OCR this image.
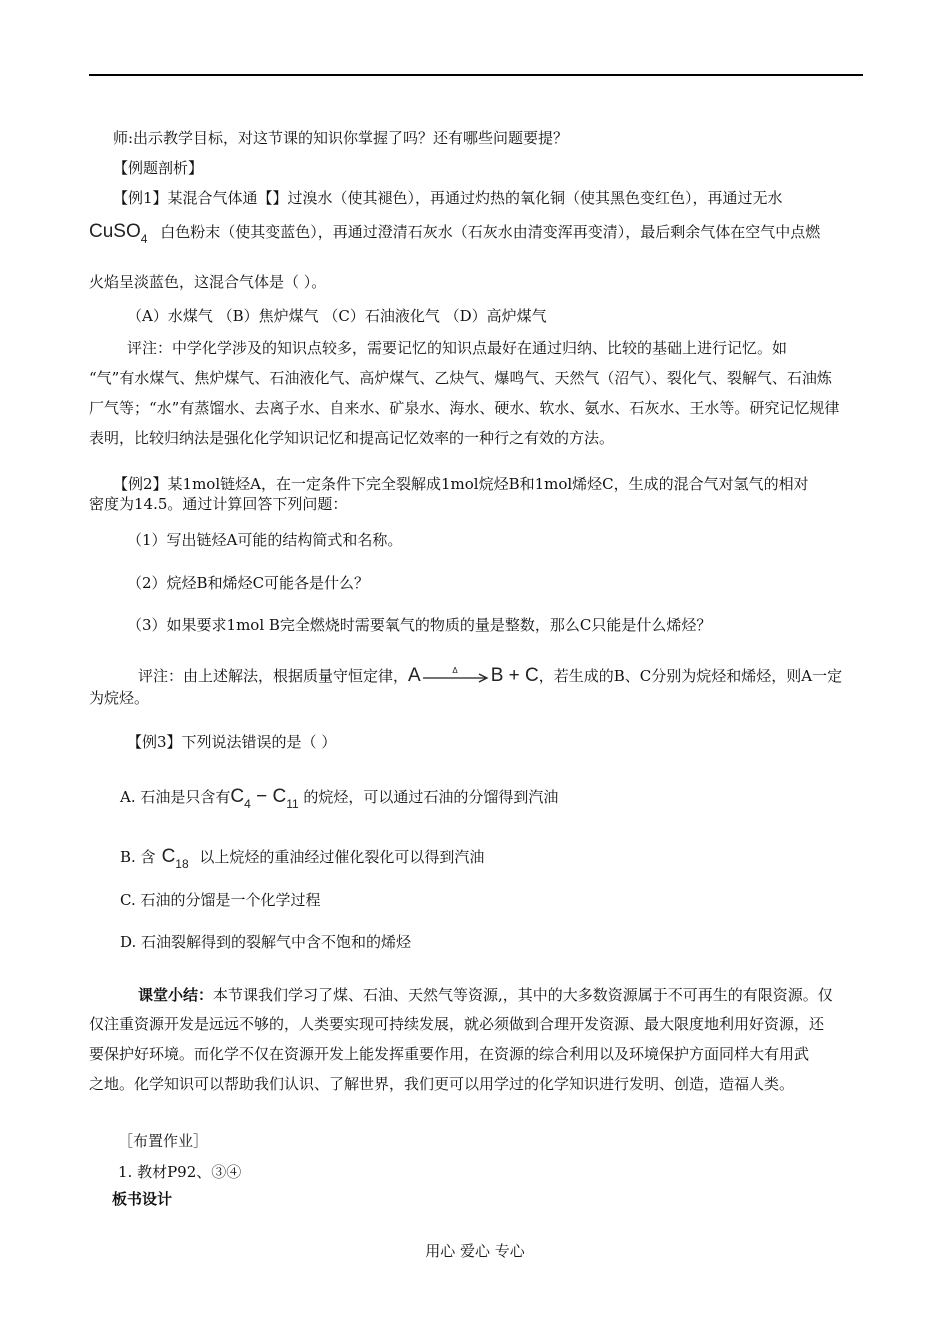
师:出示教学目标，对这节课的知识你掌握了吗？还有哪些问题要提？
【例题剖析】
【例1】某混合气体通【】过溴水（使其褪色），再通过灼热的氧化铜（使其黑色变红色），再通过无水
CuSO$_4$ 白色粉末（使其变蓝色），再通过澄清石灰水（石灰水由清变浑再变清），最后剩余气体在空气中点燃
火焰呈淡蓝色，这混合气体是（ ）。
（A）水煤气 （B）焦炉煤气 （C）石油液化气 （D）高炉煤气
评注：中学化学涉及的知识点较多，需要记忆的知识点最好在通过归纳、比较的基础上进行记忆。如
“气”有水煤气、焦炉煤气、石油液化气、高炉煤气、乙炔气、爆鸣气、天然气（沼气）、裂化气、裂解气、石油炼
厂气等；“水”有蒸馏水、去离子水、自来水、矿泉水、海水、硬水、软水、氨水、石灰水、王水等。研究记忆规律
表明，比较归纳法是强化化学知识记忆和提高记忆效率的一种行之有效的方法。
【例2】某1mol链烃A，在一定条件下完全裂解成1mol烷烃B和1mol烯烃C，生成的混合气对氢气的相对
密度为14.5。通过计算回答下列问题：
（1）写出链烃A可能的结构简式和名称。
（2）烷烃B和烯烃C可能各是什么？
（3）如果要求1mol B完全燃烧时需要氧气的物质的量是整数，那么C只能是什么烯烃？
评注：由上述解法，根据质量守恒定律，A	Δ B + C，若生成的B、C分别为烷烃和烯烃，则A一定
为烷烃。
【例3】下列说法错误的是（ ）
A. 石油是只含有$C_4 - C_{11}$ 的烷烃，可以通过石油的分馏得到汽油
B. 含 $C_{18}$ 以上烷烃的重油经过催化裂化可以得到汽油
C. 石油的分馏是一个化学过程
D. 石油裂解得到的裂解气中含不饱和的烯烃
课堂小结：本节课我们学习了煤、石油、天然气等资源,，其中的大多数资源属于不可再生的有限资源。仅
仅注重资源开发是远远不够的，人类要实现可持续发展，就必须做到合理开发资源、最大限度地利用好资源，还
要保护好环境。而化学不仅在资源开发上能发挥重要作用，在资源的综合利用以及环境保护方面同样大有用武
之地。化学知识可以帮助我们认识、了解世界，我们更可以用学过的化学知识进行发明、创造，造福人类。
［布置作业］
1. 教材P92、③④
板书设计
用心 爱心 专心
